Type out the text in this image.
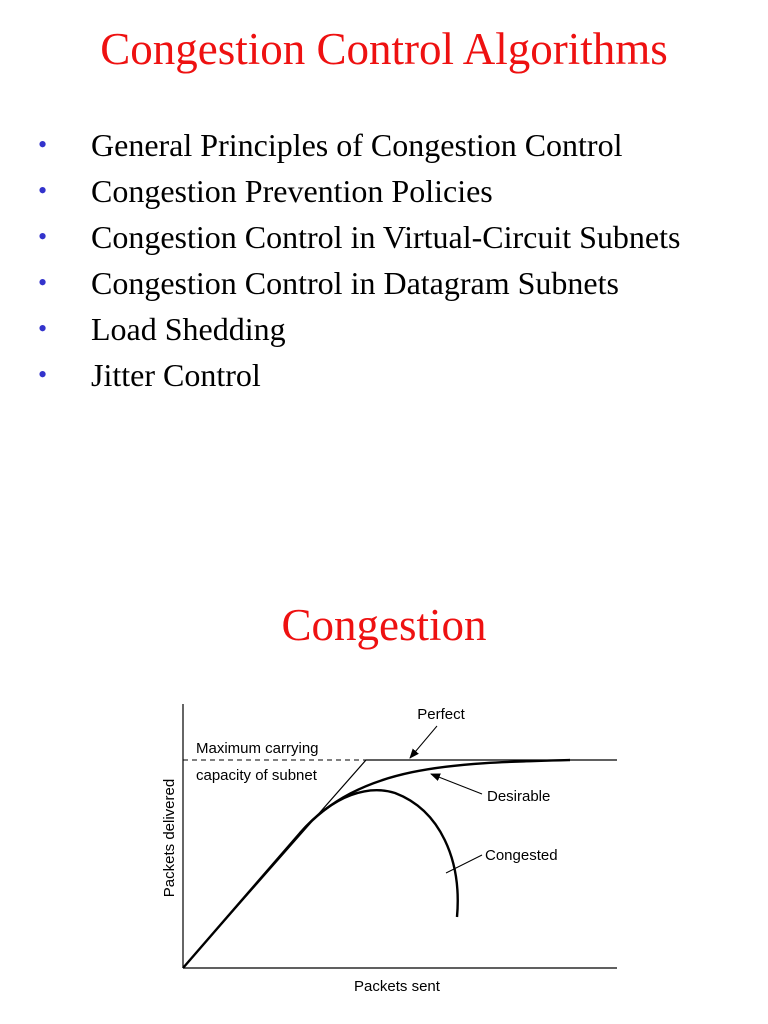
Congestion Control Algorithms
• General Principles of Congestion Control
• Congestion Prevention Policies
• Congestion Control in Virtual-Circuit Subnets
• Congestion Control in Datagram Subnets
• Load Shedding
• Jitter Control
Congestion
Perfect
Desirable
Congested
Maximum carrying
capacity of subnet
Packets sent
Packets delivered
